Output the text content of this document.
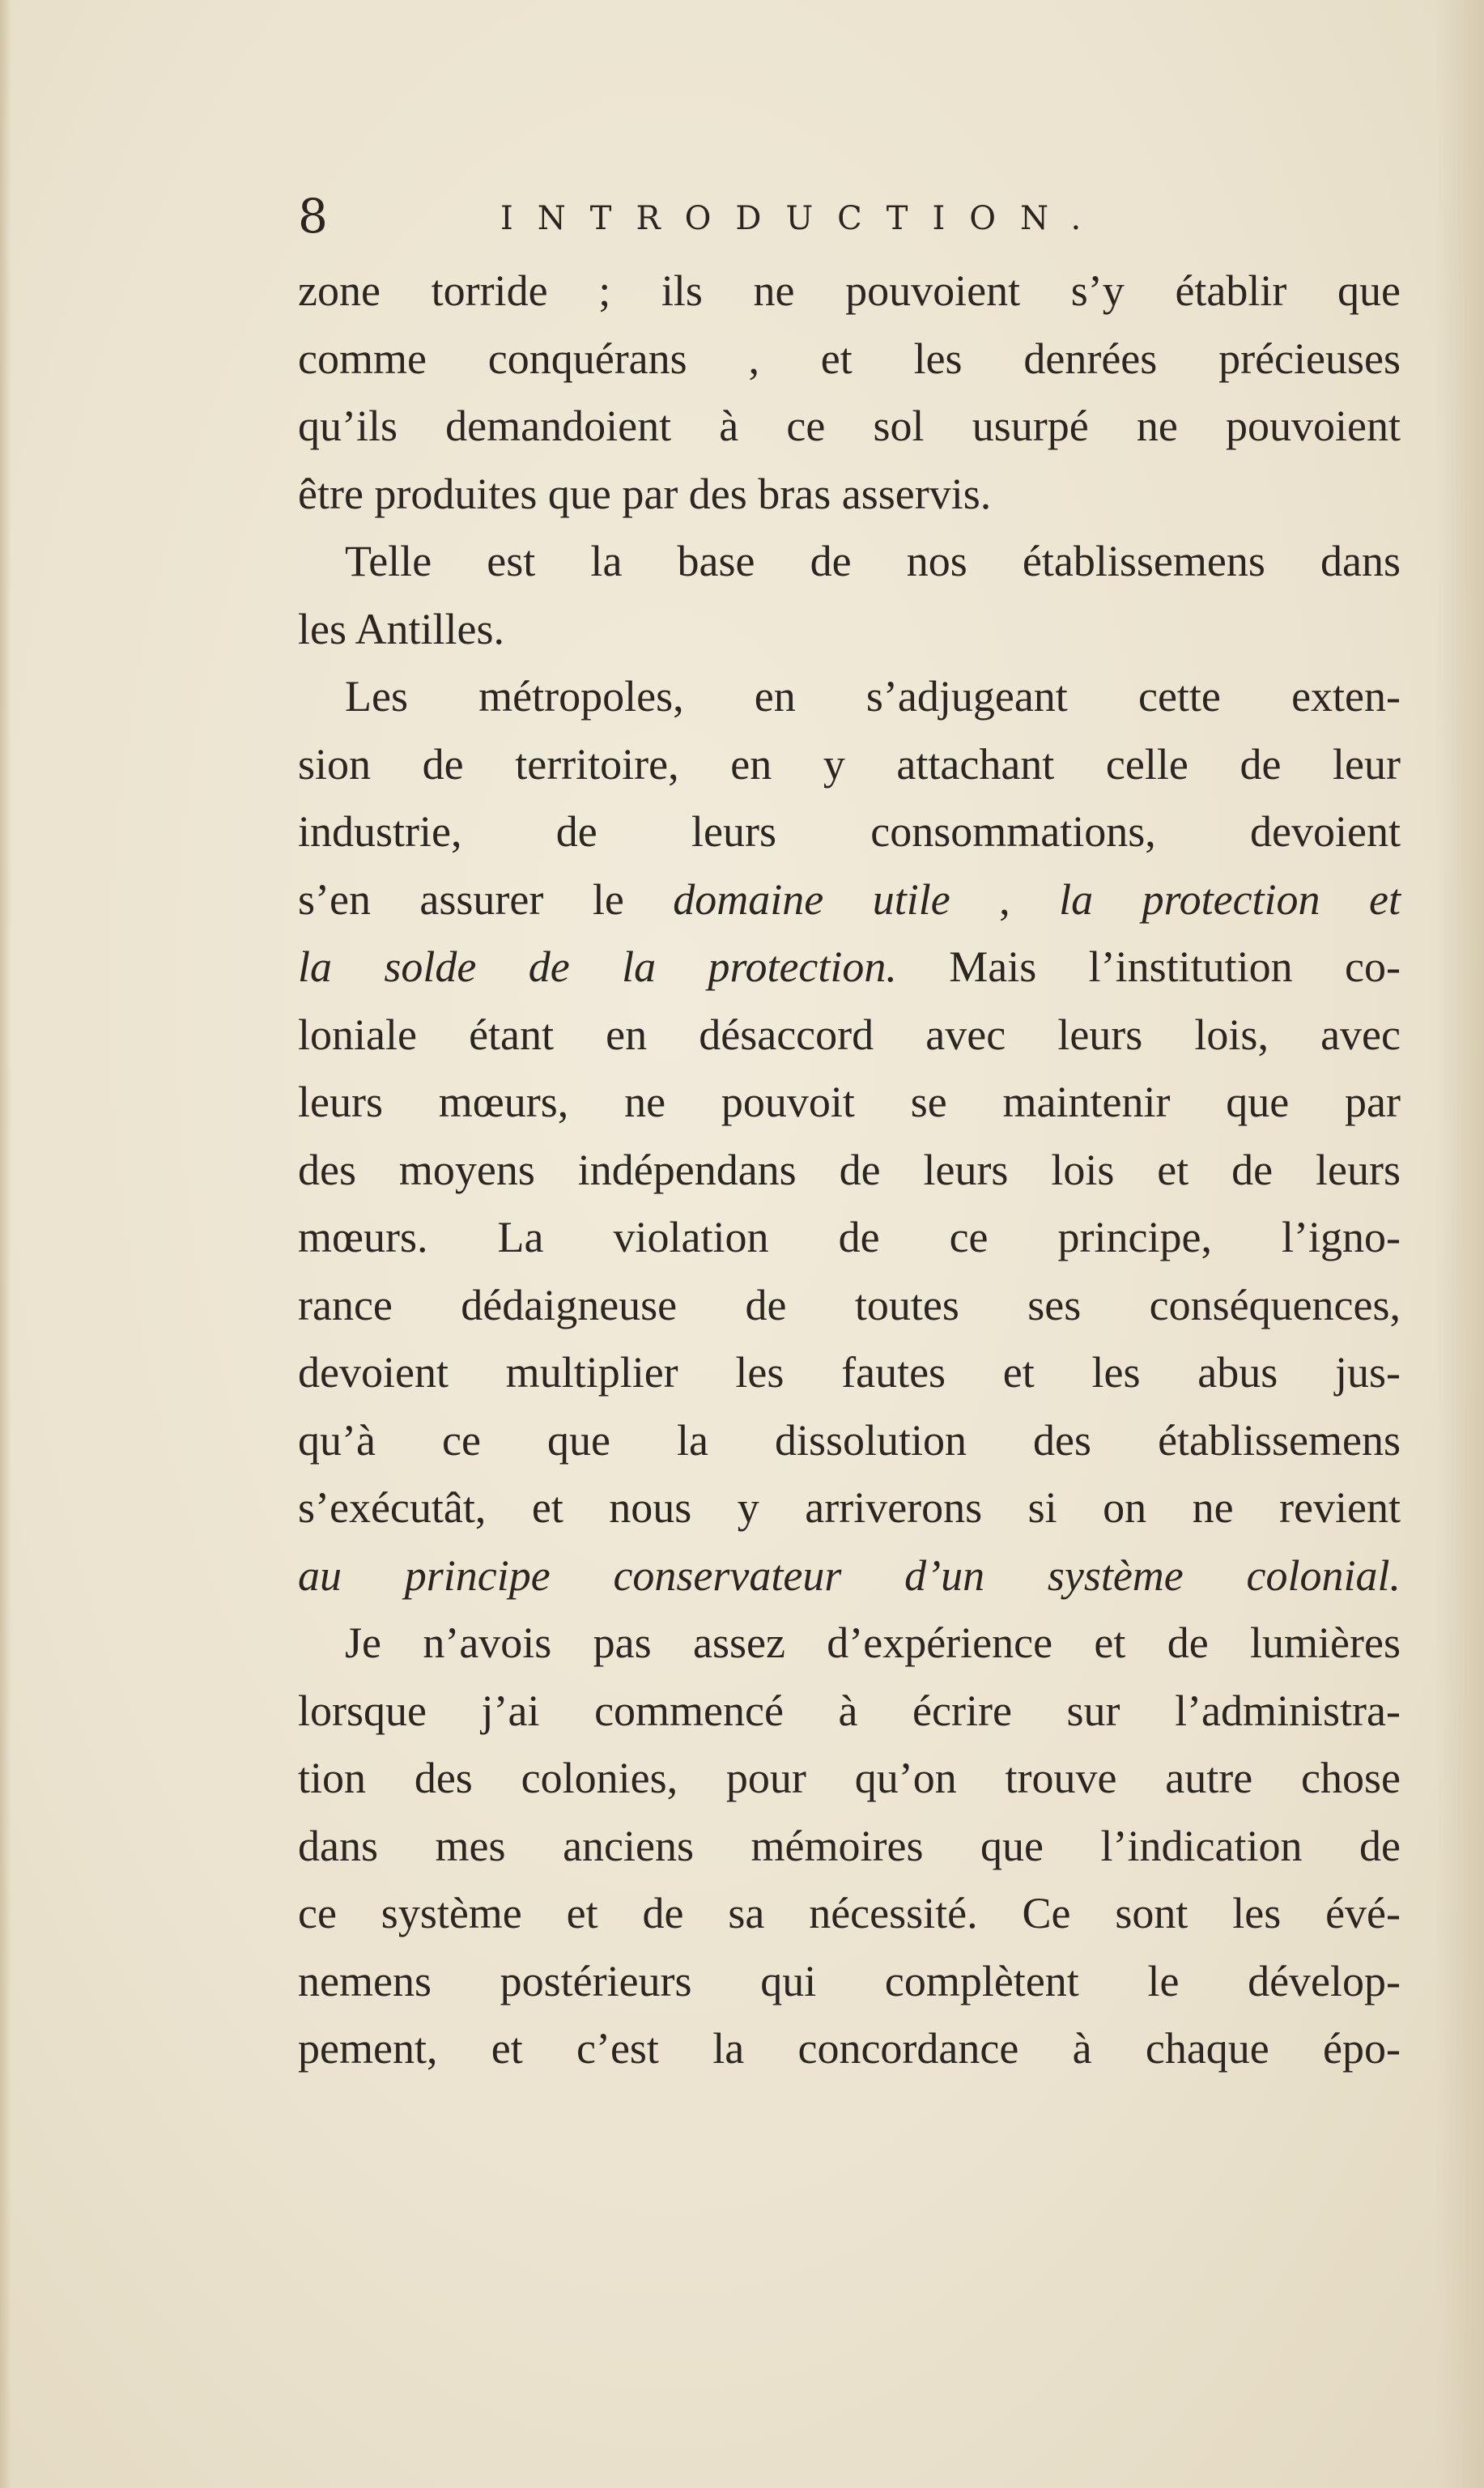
8	INTRODUCTION.
zone torride ; ils ne pouvoient s’y établir que
comme conquérans , et les denrées précieuses
qu’ils demandoient à ce sol usurpé ne pouvoient
être produites que par des bras asservis.
Telle est la base de nos établissemens dans
les Antilles.
Les métropoles, en s’adjugeant cette exten-
sion de territoire, en y attachant celle de leur
industrie, de leurs consommations, devoient
s’en assurer le domaine utile , la protection et
la solde de la protection. Mais l’institution co-
loniale étant en désaccord avec leurs lois, avec
leurs mœurs, ne pouvoit se maintenir que par
des moyens indépendans de leurs lois et de leurs
mœurs. La violation de ce principe, l’igno-
rance dédaigneuse de toutes ses conséquences,
devoient multiplier les fautes et les abus jus-
qu’à ce que la dissolution des établissemens
s’exécutât, et nous y arriverons si on ne revient
au principe conservateur d’un système colonial.
Je n’avois pas assez d’expérience et de lumières
lorsque j’ai commencé à écrire sur l’administra-
tion des colonies, pour qu’on trouve autre chose
dans mes anciens mémoires que l’indication de
ce système et de sa nécessité. Ce sont les évé-
nemens postérieurs qui complètent le dévelop-
pement, et c’est la concordance à chaque épo-
